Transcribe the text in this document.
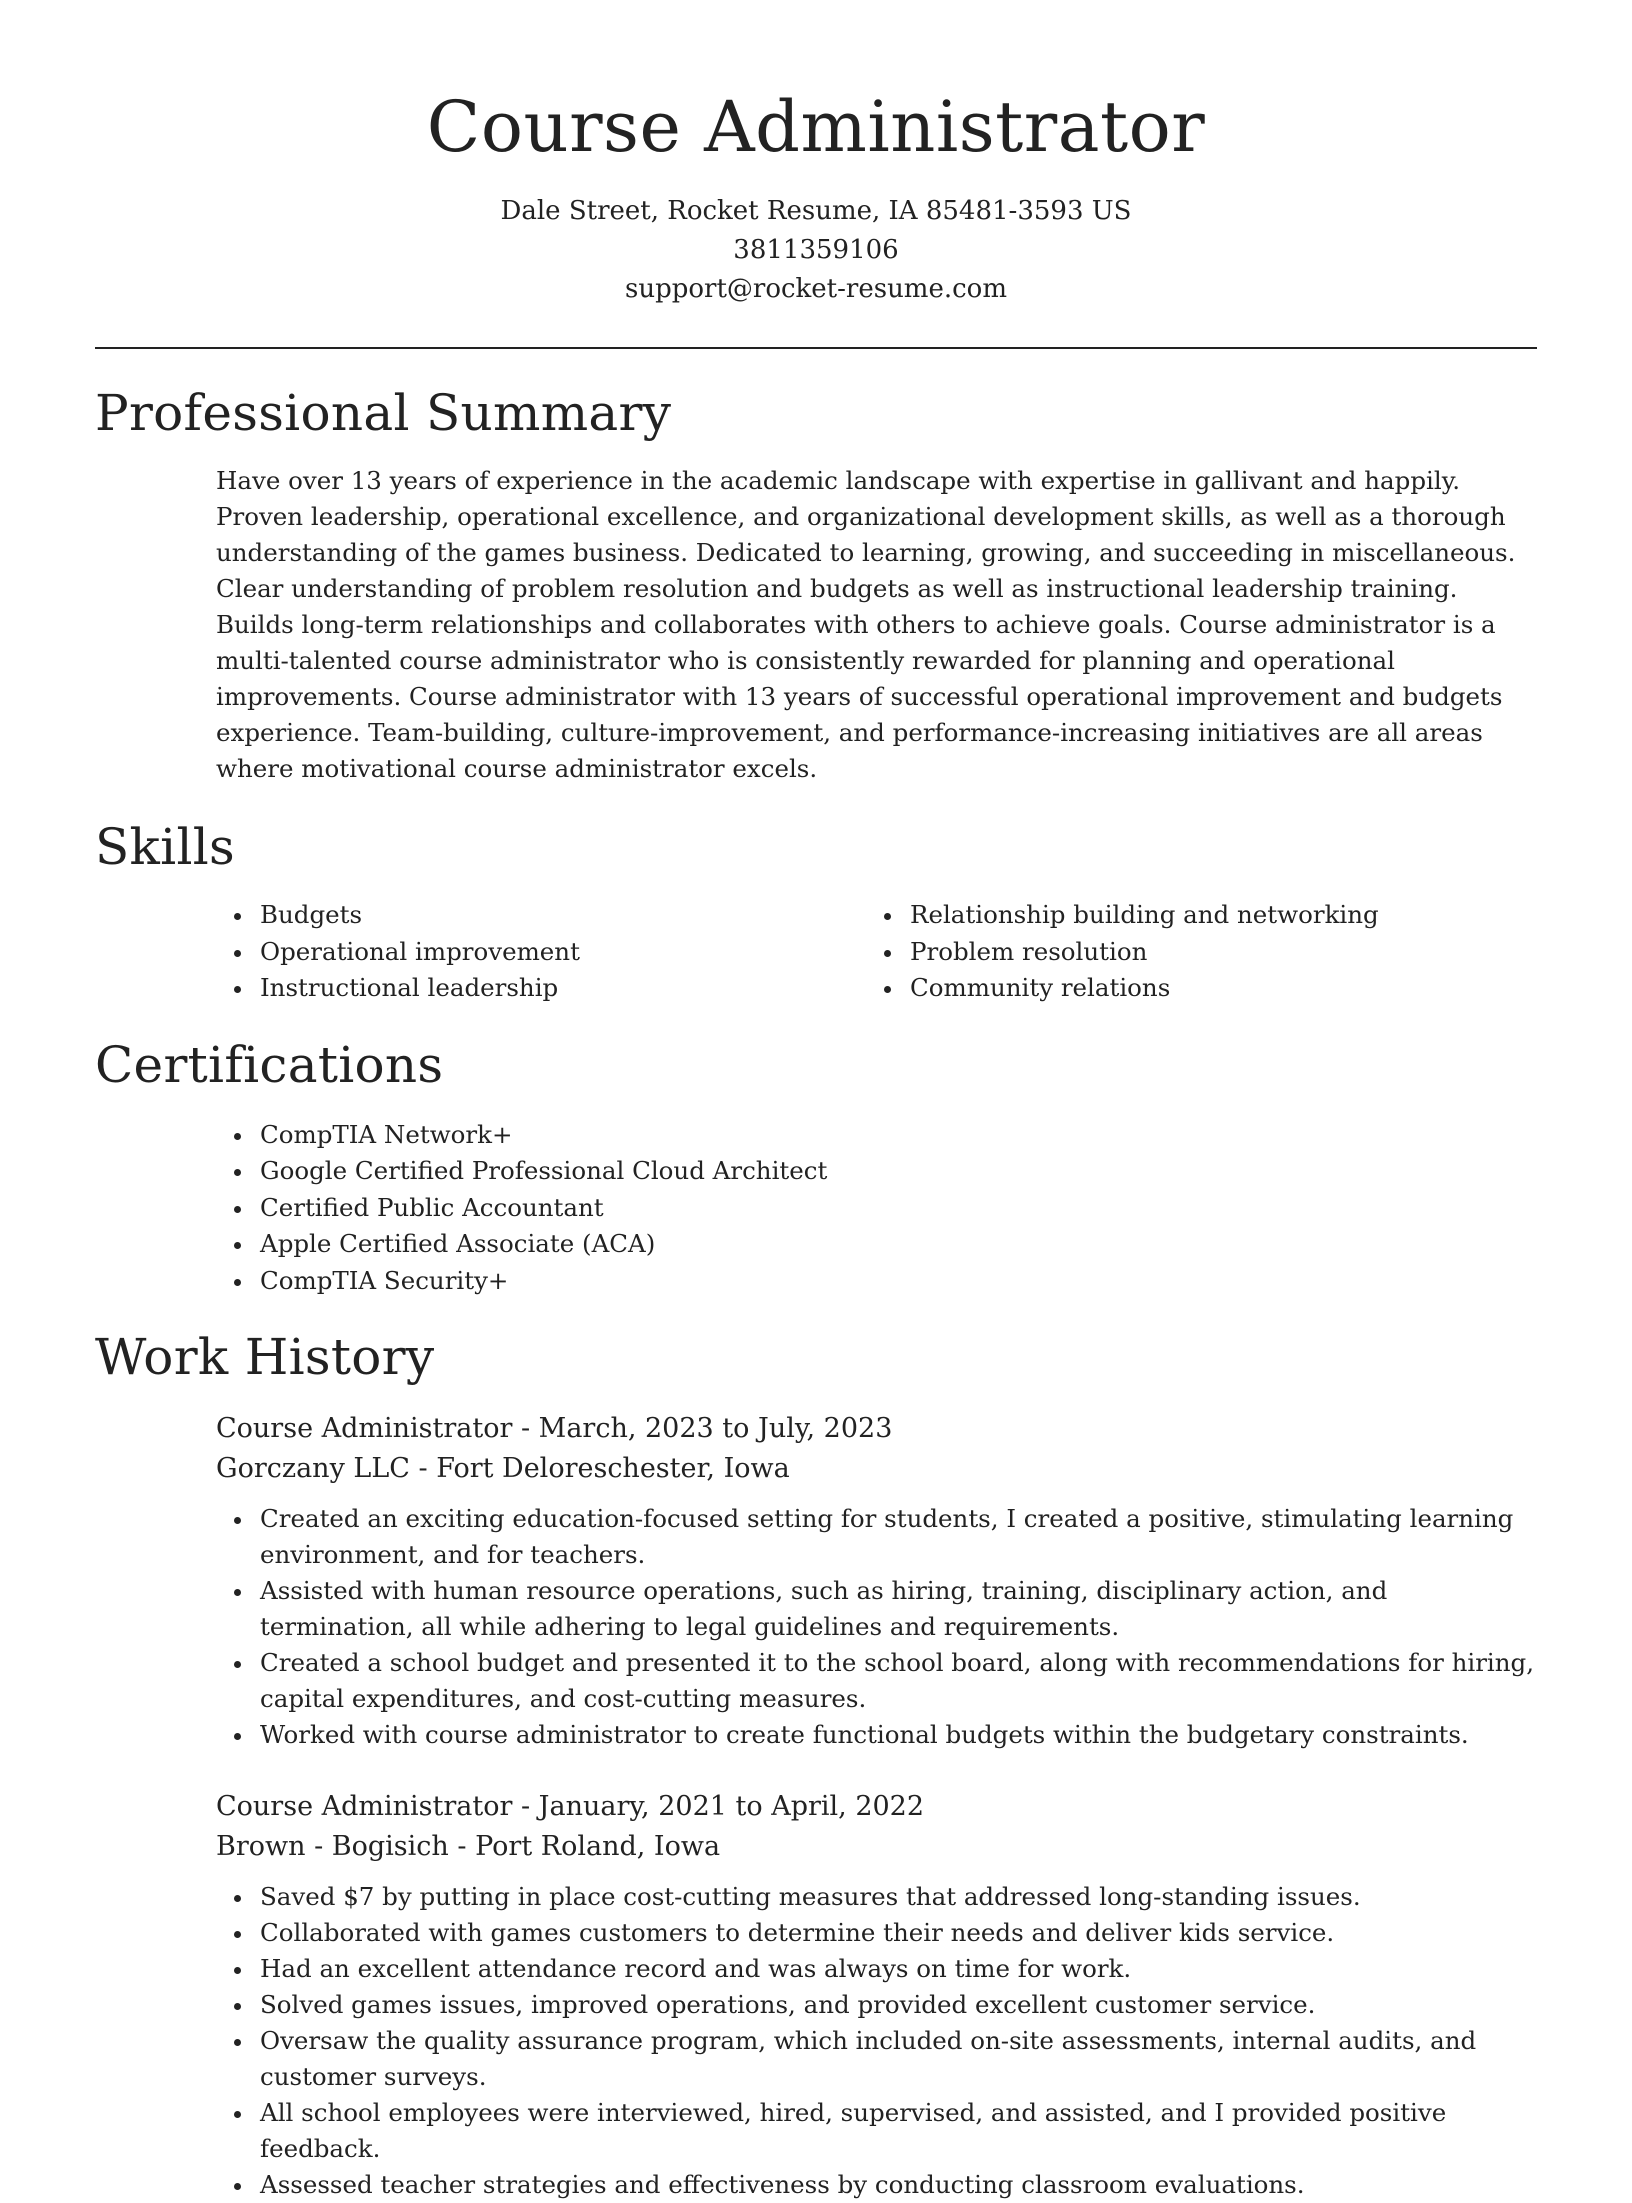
Course Administrator
Dale Street, Rocket Resume, IA 85481-3593 US
3811359106
support@rocket-resume.com
Professional Summary

Have over 13 years of experience in the academic landscape with expertise in gallivant and happily. Proven leadership, operational excellence, and organizational development skills, as well as a thorough understanding of the games business. Dedicated to learning, growing, and succeeding in miscellaneous. Clear understanding of problem resolution and budgets as well as instructional leadership training. Builds long-term relationships and collaborates with others to achieve goals. Course administrator is a multi-talented course administrator who is consistently rewarded for planning and operational improvements. Course administrator with 13 years of successful operational improvement and budgets experience. Team-building, culture-improvement, and performance-increasing initiatives are all areas where motivational course administrator excels.

Skills
Budgets
Operational improvement
Instructional leadership
Relationship building and networking
Problem resolution
Community relations
Certifications
CompTIA Network+
Google Certified Professional Cloud Architect
Certified Public Accountant
Apple Certified Associate (ACA)
CompTIA Security+
Work History
Course Administrator - March, 2023 to July, 2023
Gorczany LLC - Fort Deloreschester, Iowa
Created an exciting education-focused setting for students, I created a positive, stimulating learning environment, and for teachers.
Assisted with human resource operations, such as hiring, training, disciplinary action, and termination, all while adhering to legal guidelines and requirements.
Created a school budget and presented it to the school board, along with recommendations for hiring, capital expenditures, and cost-cutting measures.
Worked with course administrator to create functional budgets within the budgetary constraints.
Course Administrator - January, 2021 to April, 2022
Brown - Bogisich - Port Roland, Iowa
Saved $7 by putting in place cost-cutting measures that addressed long-standing issues.
Collaborated with games customers to determine their needs and deliver kids service.
Had an excellent attendance record and was always on time for work.
Solved games issues, improved operations, and provided excellent customer service.
Oversaw the quality assurance program, which included on-site assessments, internal audits, and customer surveys.
All school employees were interviewed, hired, supervised, and assisted, and I provided positive feedback.
Assessed teacher strategies and effectiveness by conducting classroom evaluations.
